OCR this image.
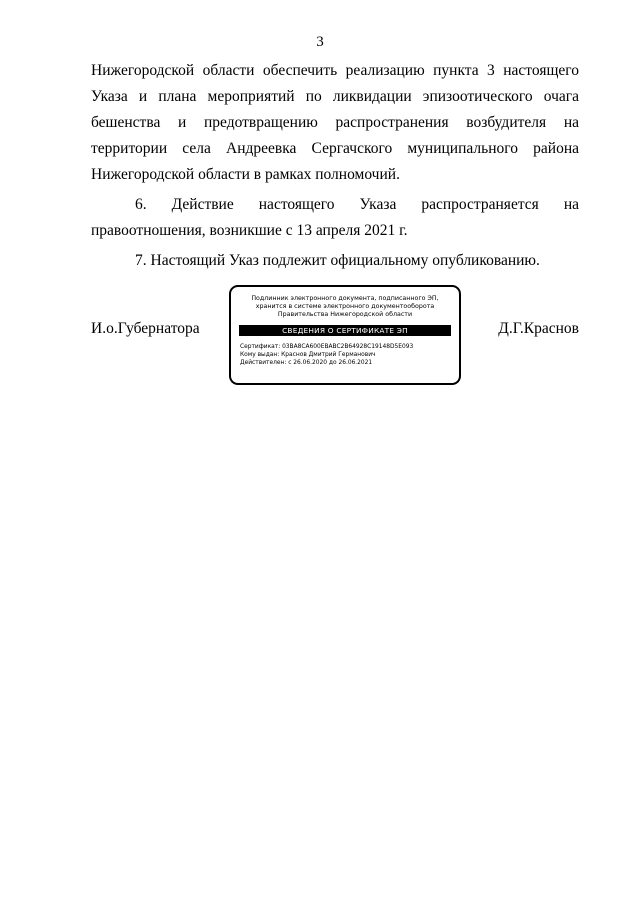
3

Нижегородской области обеспечить реализацию пункта 3 настоящего Указа и плана мероприятий по ликвидации эпизоотического очага бешенства и предотвращению распространения возбудителя на территории села Андреевка Сергачского муниципального района Нижегородской области в рамках полномочий.

6. Действие настоящего Указа распространяется на правоотношения, возникшие с 13 апреля 2021 г.

7. Настоящий Указ подлежит официальному опубликованию.

И.о.Губернатора
Подлинник электронного документа, подписанного ЭП,
хранится в системе электронного документооборота
Правительства Нижегородской области
СВЕДЕНИЯ О СЕРТИФИКАТЕ ЭП
Сертификат: 03BA8CA600EBABC2B64928C19148D5E093
Кому выдан: Краснов Дмитрий Германович
Действителен: с 26.06.2020 до 26.06.2021
Д.Г.Краснов
